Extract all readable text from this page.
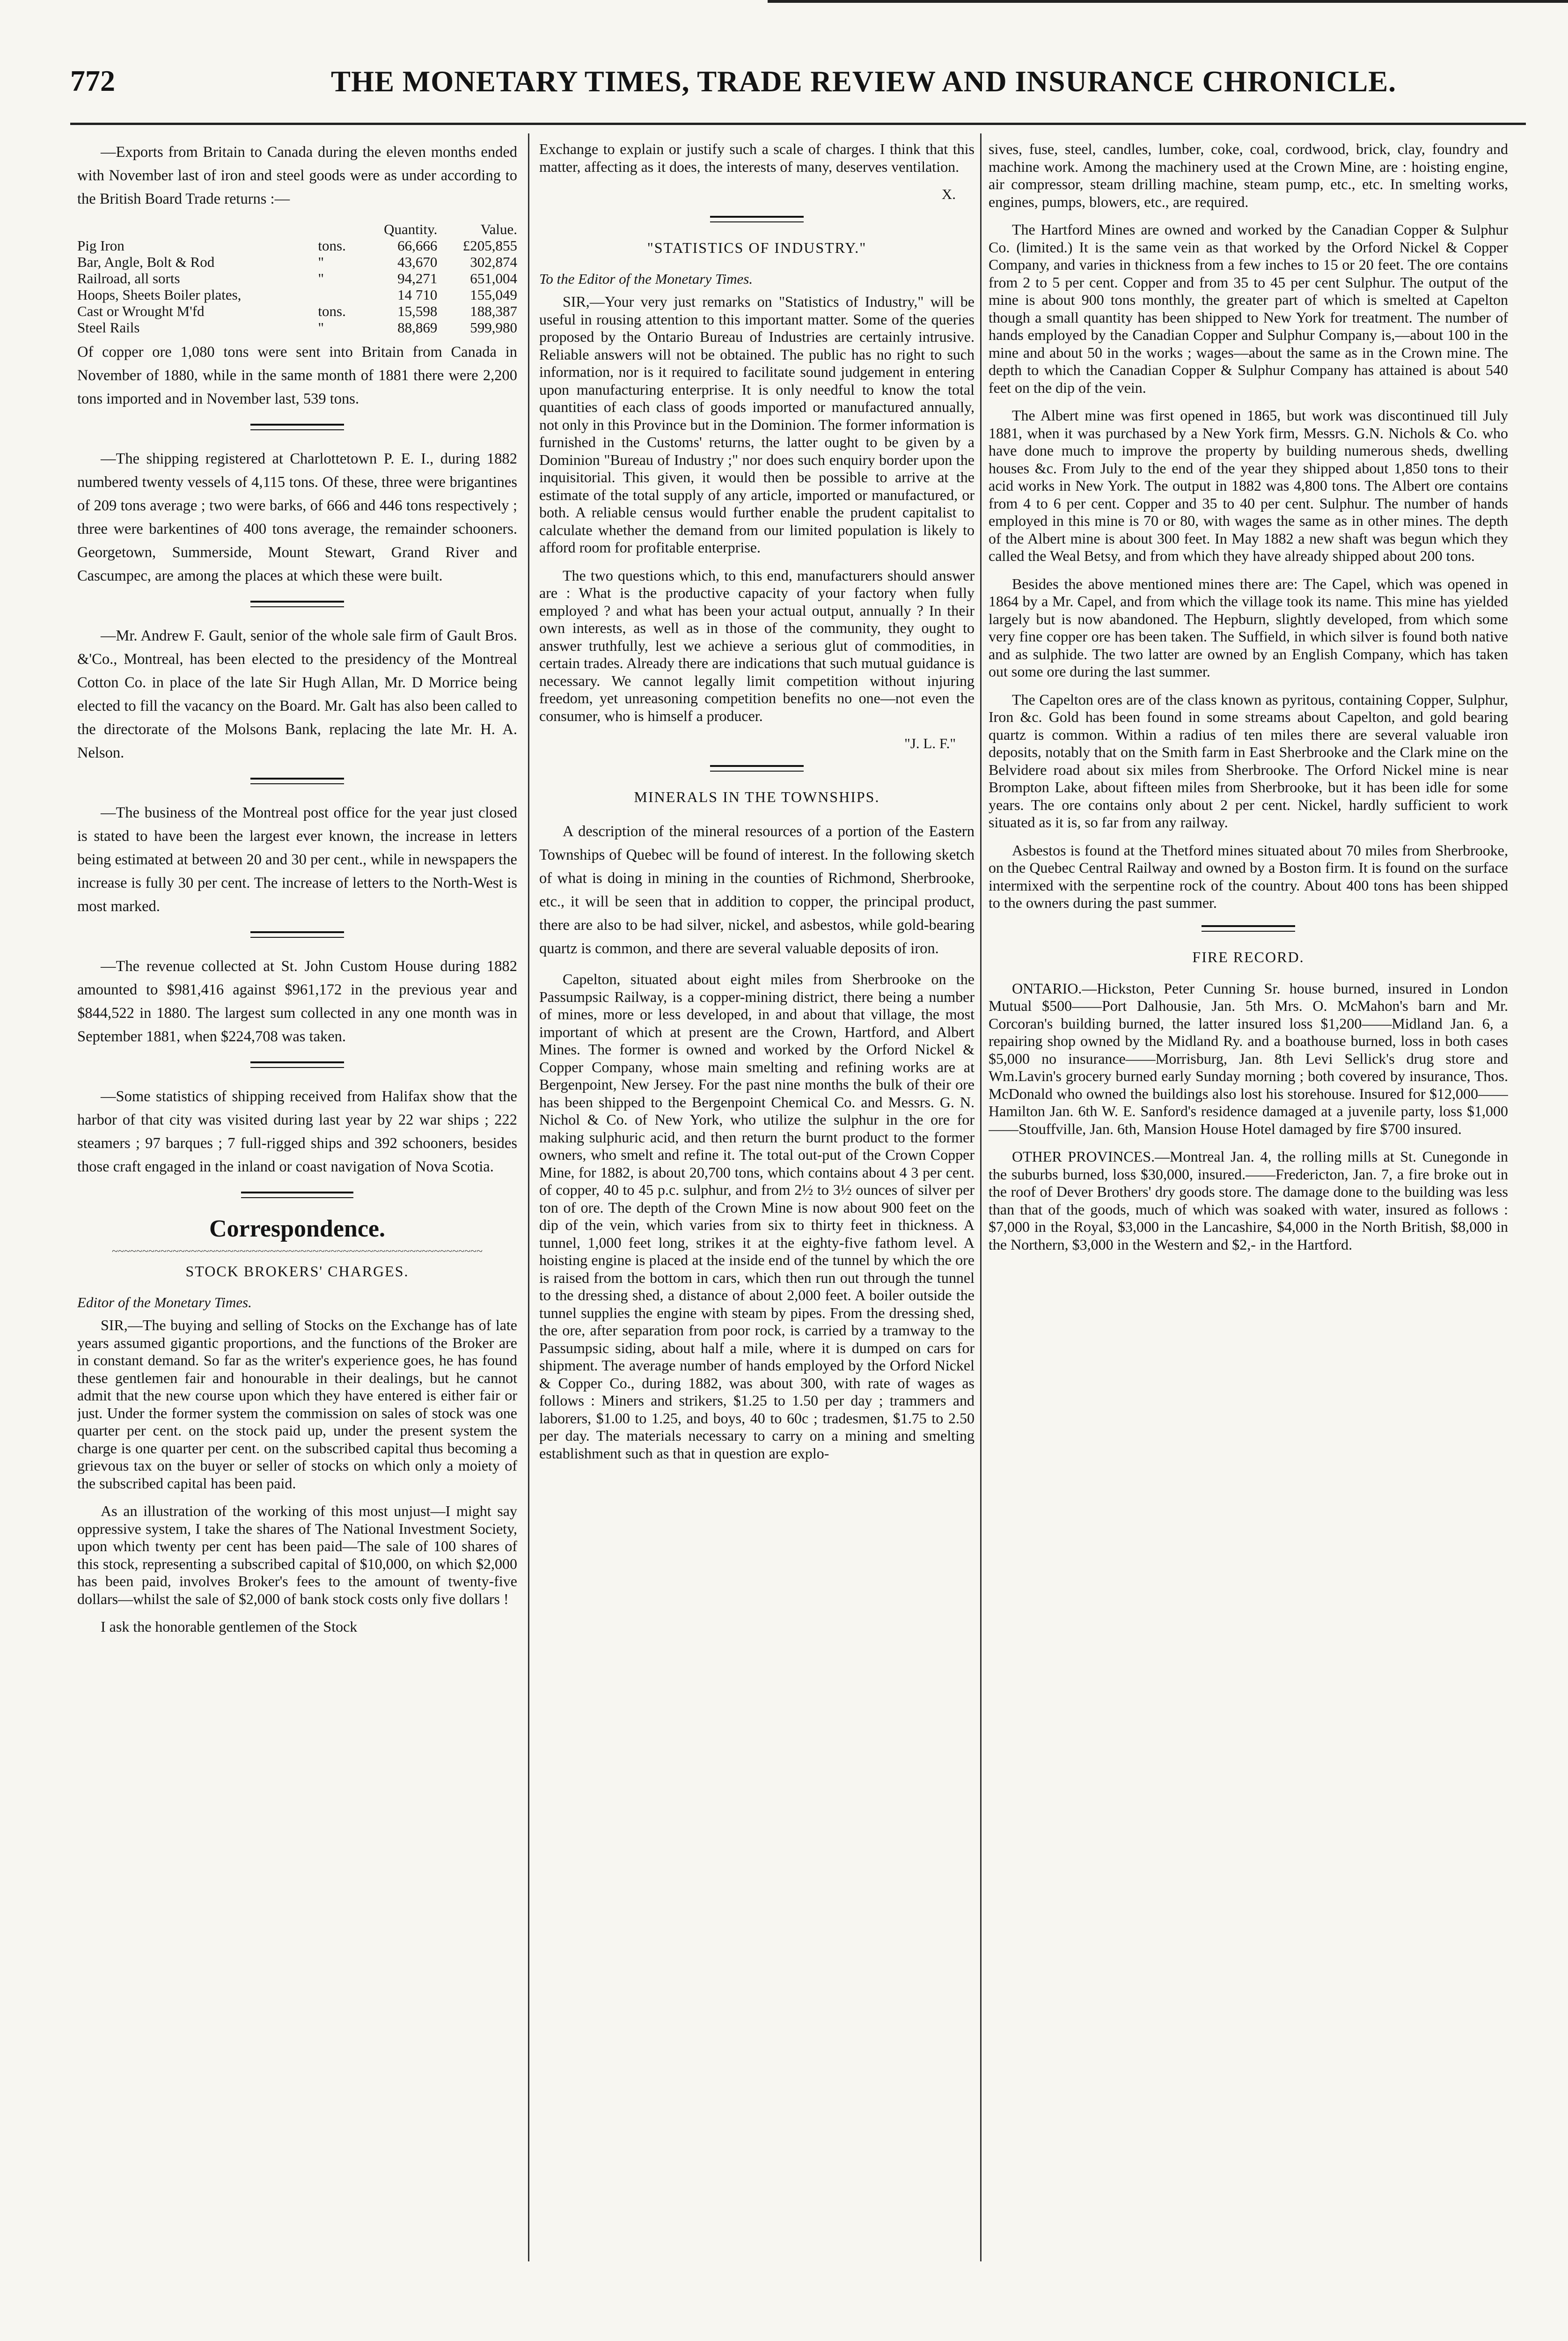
772	THE MONETARY TIMES, TRADE REVIEW AND INSURANCE CHRONICLE.

—Exports from Britain to Canada during the eleven months ended with November last of iron and steel goods were as under according to the British Board Trade returns :—

		Quantity.	Value.
Pig Iron	tons.	66,666	£205,855
Bar, Angle, Bolt & Rod	"	43,670	302,874
Railroad, all sorts	"	94,271	651,004
Hoops, Sheets Boiler plates,		14 710	155,049
Cast or Wrought M'fd	tons.	15,598	188,387
Steel Rails	"	88,869	599,980

Of copper ore 1,080 tons were sent into Britain from Canada in November of 1880, while in the same month of 1881 there were 2,200 tons imported and in November last, 539 tons.

—The shipping registered at Charlottetown P. E. I., during 1882 numbered twenty vessels of 4,115 tons. Of these, three were brigantines of 209 tons average ; two were barks, of 666 and 446 tons respectively ; three were barkentines of 400 tons average, the remainder schooners. Georgetown, Summerside, Mount Stewart, Grand River and Cascumpec, are among the places at which these were built.

—Mr. Andrew F. Gault, senior of the whole sale firm of Gault Bros. &'Co., Montreal, has been elected to the presidency of the Montreal Cotton Co. in place of the late Sir Hugh Allan, Mr. D Morrice being elected to fill the vacancy on the Board. Mr. Galt has also been called to the directorate of the Molsons Bank, replacing the late Mr. H. A. Nelson.

—The business of the Montreal post office for the year just closed is stated to have been the largest ever known, the increase in letters being estimated at between 20 and 30 per cent., while in newspapers the increase is fully 30 per cent. The increase of letters to the North-West is most marked.

—The revenue collected at St. John Custom House during 1882 amounted to $981,416 against $961,172 in the previous year and $844,522 in 1880. The largest sum collected in any one month was in September 1881, when $224,708 was taken.

—Some statistics of shipping received from Halifax show that the harbor of that city was visited during last year by 22 war ships ; 222 steamers ; 97 barques ; 7 full-rigged ships and 392 schooners, besides those craft engaged in the inland or coast navigation of Nova Scotia.

Correspondence.
~~~~~~~~~~~~~~~~~~~~~~~~~~~~~~~~~~~~~~~~~~~~~~~~~~~~~~~~~~~~~
STOCK BROKERS' CHARGES.
Editor of the Monetary Times.

SIR,—The buying and selling of Stocks on the Exchange has of late years assumed gigantic proportions, and the functions of the Broker are in constant demand. So far as the writer's experience goes, he has found these gentlemen fair and honourable in their dealings, but he cannot admit that the new course upon which they have entered is either fair or just. Under the former system the commission on sales of stock was one quarter per cent. on the stock paid up, under the present system the charge is one quarter per cent. on the subscribed capital thus becoming a grievous tax on the buyer or seller of stocks on which only a moiety of the subscribed capital has been paid.

As an illustration of the working of this most unjust—I might say oppressive system, I take the shares of The National Investment Society, upon which twenty per cent has been paid—The sale of 100 shares of this stock, representing a subscribed capital of $10,000, on which $2,000 has been paid, involves Broker's fees to the amount of twenty-five dollars—whilst the sale of $2,000 of bank stock costs only five dollars !

I ask the honorable gentlemen of the Stock

Exchange to explain or justify such a scale of charges. I think that this matter, affecting as it does, the interests of many, deserves ventilation.

X.
"STATISTICS OF INDUSTRY."
To the Editor of the Monetary Times.

SIR,—Your very just remarks on "Statistics of Industry," will be useful in rousing attention to this important matter. Some of the queries proposed by the Ontario Bureau of Industries are certainly intrusive. Reliable answers will not be obtained. The public has no right to such information, nor is it required to facilitate sound judgement in entering upon manufacturing enterprise. It is only needful to know the total quantities of each class of goods imported or manufactured annually, not only in this Province but in the Dominion. The former information is furnished in the Customs' returns, the latter ought to be given by a Dominion "Bureau of Industry ;" nor does such enquiry border upon the inquisitorial. This given, it would then be possible to arrive at the estimate of the total supply of any article, imported or manufactured, or both. A reliable census would further enable the prudent capitalist to calculate whether the demand from our limited population is likely to afford room for profitable enterprise.

The two questions which, to this end, manufacturers should answer are : What is the productive capacity of your factory when fully employed ? and what has been your actual output, annually ? In their own interests, as well as in those of the community, they ought to answer truthfully, lest we achieve a serious glut of commodities, in certain trades. Already there are indications that such mutual guidance is necessary. We cannot legally limit competition without injuring freedom, yet unreasoning competition benefits no one—not even the consumer, who is himself a producer.

"J. L. F."
MINERALS IN THE TOWNSHIPS.

A description of the mineral resources of a portion of the Eastern Townships of Quebec will be found of interest. In the following sketch of what is doing in mining in the counties of Richmond, Sherbrooke, etc., it will be seen that in addition to copper, the principal product, there are also to be had silver, nickel, and asbestos, while gold-bearing quartz is common, and there are several valuable deposits of iron.

Capelton, situated about eight miles from Sherbrooke on the Passumpsic Railway, is a copper-mining district, there being a number of mines, more or less developed, in and about that village, the most important of which at present are the Crown, Hartford, and Albert Mines. The former is owned and worked by the Orford Nickel & Copper Company, whose main smelting and refining works are at Bergenpoint, New Jersey. For the past nine months the bulk of their ore has been shipped to the Bergenpoint Chemical Co. and Messrs. G. N. Nichol & Co. of New York, who utilize the sulphur in the ore for making sulphuric acid, and then return the burnt product to the former owners, who smelt and refine it. The total out-put of the Crown Copper Mine, for 1882, is about 20,700 tons, which contains about 4 3 per cent. of copper, 40 to 45 p.c. sulphur, and from 2½ to 3½ ounces of silver per ton of ore. The depth of the Crown Mine is now about 900 feet on the dip of the vein, which varies from six to thirty feet in thickness. A tunnel, 1,000 feet long, strikes it at the eighty-five fathom level. A hoisting engine is placed at the inside end of the tunnel by which the ore is raised from the bottom in cars, which then run out through the tunnel to the dressing shed, a distance of about 2,000 feet. A boiler outside the tunnel supplies the engine with steam by pipes. From the dressing shed, the ore, after separation from poor rock, is carried by a tramway to the Passumpsic siding, about half a mile, where it is dumped on cars for shipment. The average number of hands employed by the Orford Nickel & Copper Co., during 1882, was about 300, with rate of wages as follows : Miners and strikers, $1.25 to 1.50 per day ; trammers and laborers, $1.00 to 1.25, and boys, 40 to 60c ; tradesmen, $1.75 to 2.50 per day. The materials necessary to carry on a mining and smelting establishment such as that in question are explo-

sives, fuse, steel, candles, lumber, coke, coal, cordwood, brick, clay, foundry and machine work. Among the machinery used at the Crown Mine, are : hoisting engine, air compressor, steam drilling machine, steam pump, etc., etc. In smelting works, engines, pumps, blowers, etc., are required.

The Hartford Mines are owned and worked by the Canadian Copper & Sulphur Co. (limited.) It is the same vein as that worked by the Orford Nickel & Copper Company, and varies in thickness from a few inches to 15 or 20 feet. The ore contains from 2 to 5 per cent. Copper and from 35 to 45 per cent Sulphur. The output of the mine is about 900 tons monthly, the greater part of which is smelted at Capelton though a small quantity has been shipped to New York for treatment. The number of hands employed by the Canadian Copper and Sulphur Company is,—about 100 in the mine and about 50 in the works ; wages—about the same as in the Crown mine. The depth to which the Canadian Copper & Sulphur Company has attained is about 540 feet on the dip of the vein.

The Albert mine was first opened in 1865, but work was discontinued till July 1881, when it was purchased by a New York firm, Messrs. G.N. Nichols & Co. who have done much to improve the property by building numerous sheds, dwelling houses &c. From July to the end of the year they shipped about 1,850 tons to their acid works in New York. The output in 1882 was 4,800 tons. The Albert ore contains from 4 to 6 per cent. Copper and 35 to 40 per cent. Sulphur. The number of hands employed in this mine is 70 or 80, with wages the same as in other mines. The depth of the Albert mine is about 300 feet. In May 1882 a new shaft was begun which they called the Weal Betsy, and from which they have already shipped about 200 tons.

Besides the above mentioned mines there are: The Capel, which was opened in 1864 by a Mr. Capel, and from which the village took its name. This mine has yielded largely but is now abandoned. The Hepburn, slightly developed, from which some very fine copper ore has been taken. The Suffield, in which silver is found both native and as sulphide. The two latter are owned by an English Company, which has taken out some ore during the last summer.

The Capelton ores are of the class known as pyritous, containing Copper, Sulphur, Iron &c. Gold has been found in some streams about Capelton, and gold bearing quartz is common. Within a radius of ten miles there are several valuable iron deposits, notably that on the Smith farm in East Sherbrooke and the Clark mine on the Belvidere road about six miles from Sherbrooke. The Orford Nickel mine is near Brompton Lake, about fifteen miles from Sherbrooke, but it has been idle for some years. The ore contains only about 2 per cent. Nickel, hardly sufficient to work situated as it is, so far from any railway.

Asbestos is found at the Thetford mines situated about 70 miles from Sherbrooke, on the Quebec Central Railway and owned by a Boston firm. It is found on the surface intermixed with the serpentine rock of the country. About 400 tons has been shipped to the owners during the past summer.

FIRE RECORD.

ONTARIO.—Hickston, Peter Cunning Sr. house burned, insured in London Mutual $500——Port Dalhousie, Jan. 5th Mrs. O. McMahon's barn and Mr. Corcoran's building burned, the latter insured loss $1,200——Midland Jan. 6, a repairing shop owned by the Midland Ry. and a boathouse burned, loss in both cases $5,000 no insurance——Morrisburg, Jan. 8th Levi Sellick's drug store and Wm.Lavin's grocery burned early Sunday morning ; both covered by insurance, Thos. McDonald who owned the buildings also lost his storehouse. Insured for $12,000——Hamilton Jan. 6th W. E. Sanford's residence damaged at a juvenile party, loss $1,000——Stouffville, Jan. 6th, Mansion House Hotel damaged by fire $700 insured.

OTHER PROVINCES.—Montreal Jan. 4, the rolling mills at St. Cunegonde in the suburbs burned, loss $30,000, insured.——Fredericton, Jan. 7, a fire broke out in the roof of Dever Brothers' dry goods store. The damage done to the building was less than that of the goods, much of which was soaked with water, insured as follows : $7,000 in the Royal, $3,000 in the Lancashire, $4,000 in the North British, $8,000 in the Northern, $3,000 in the Western and $2,- in the Hartford.
